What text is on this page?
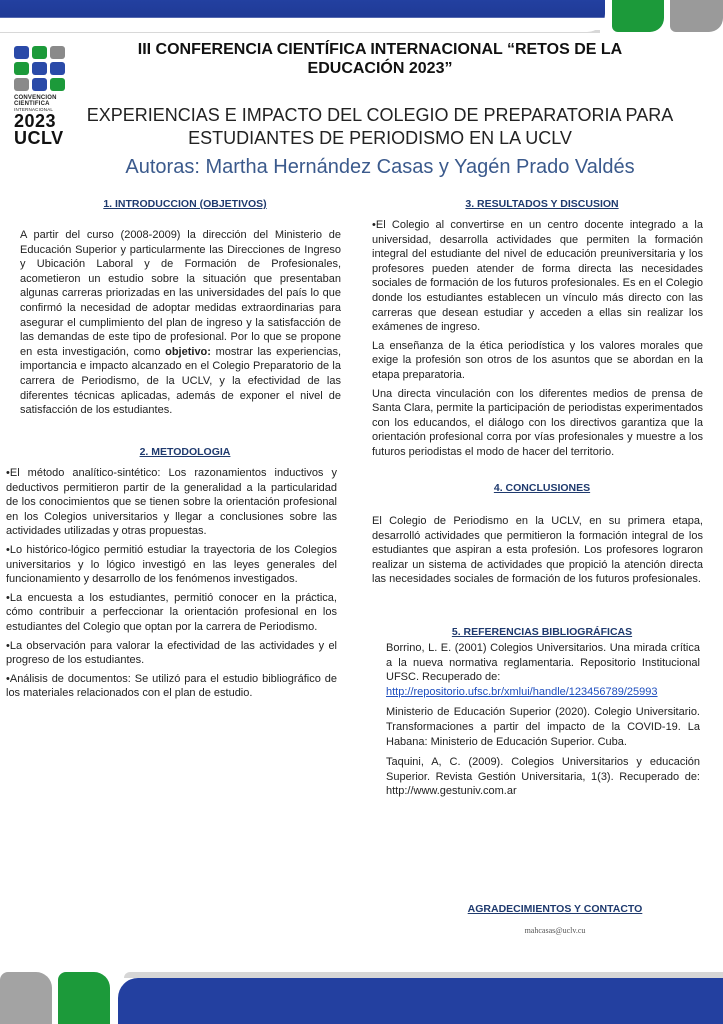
CONVENCION
CIENTIFICA
INTERNACIONAL
2023
UCLV
III CONFERENCIA CIENTÍFICA INTERNACIONAL “RETOS DE LA EDUCACIÓN 2023”
EXPERIENCIAS E IMPACTO DEL COLEGIO DE PREPARATORIA PARA ESTUDIANTES DE PERIODISMO EN LA UCLV
Autoras: Martha Hernández Casas y Yagén Prado Valdés
1. INTRODUCCION (OBJETIVOS)

A partir del curso (2008-2009) la dirección del Ministerio de Educación Superior y particularmente las Direcciones de Ingreso y Ubicación Laboral y de Formación de Profesionales, acometieron un estudio sobre la situación que presentaban algunas carreras priorizadas en las universidades del país lo que confirmó la necesidad de adoptar medidas extraordinarias para asegurar el cumplimiento del plan de ingreso y la satisfacción de las demandas de este tipo de profesional. Por lo que se propone en esta investigación, como objetivo: mostrar las experiencias, importancia e impacto alcanzado en el Colegio Preparatorio de la carrera de Periodismo, de la UCLV, y la efectividad de las diferentes técnicas aplicadas, además de exponer el nivel de satisfacción de los estudiantes.

2. METODOLOGIA

•El método analítico-sintético: Los razonamientos inductivos y deductivos permitieron partir de la generalidad a la particularidad de los conocimientos que se tienen sobre la orientación profesional en los Colegios universitarios y llegar a conclusiones sobre las actividades utilizadas y otras propuestas.

•Lo histórico-lógico permitió estudiar la trayectoria de los Colegios universitarios y lo lógico investigó en las leyes generales del funcionamiento y desarrollo de los fenómenos investigados.

•La encuesta a los estudiantes, permitió conocer en la práctica, cómo contribuir a perfeccionar la orientación profesional en los estudiantes del Colegio que optan por la carrera de Periodismo.

•La observación para valorar la efectividad de las actividades y el progreso de los estudiantes.

•Análisis de documentos: Se utilizó para el estudio bibliográfico de los materiales relacionados con el plan de estudio.

3. RESULTADOS Y DISCUSION

•El Colegio al convertirse en un centro docente integrado a la universidad, desarrolla actividades que permiten la formación integral del estudiante del nivel de educación preuniversitaria y los profesores pueden atender de forma directa las necesidades sociales de formación de los futuros profesionales. Es en el Colegio donde los estudiantes establecen un vínculo más directo con las carreras que desean estudiar y acceden a ellas sin realizar los exámenes de ingreso.

La enseñanza de la ética periodística y los valores morales que exige la profesión son otros de los asuntos que se abordan en la etapa preparatoria.

Una directa vinculación con los diferentes medios de prensa de Santa Clara, permite la participación de periodistas experimentados con los educandos, el diálogo con los directivos garantiza que la orientación profesional corra por vías profesionales y muestre a los futuros periodistas el modo de hacer del territorio.

4. CONCLUSIONES

El Colegio de Periodismo en la UCLV, en su primera etapa, desarrolló actividades que permitieron la formación integral de los estudiantes que aspiran a esta profesión. Los profesores lograron realizar un sistema de actividades que propició la atención directa las necesidades sociales de formación de los futuros profesionales.

5. REFERENCIAS BIBLIOGRÁFICAS

Borrino, L. E. (2001) Colegios Universitarios. Una mirada crítica a la nueva normativa reglamentaria. Repositorio Institucional UFSC. Recuperado de:
http://repositorio.ufsc.br/xmlui/handle/123456789/25993

Ministerio de Educación Superior (2020). Colegio Universitario. Transformaciones a partir del impacto de la COVID-19. La Habana: Ministerio de Educación Superior. Cuba.

Taquini, A, C. (2009). Colegios Universitarios y educación Superior. Revista Gestión Universitaria, 1(3). Recuperado de: http://www.gestuniv.com.ar

AGRADECIMIENTOS Y CONTACTO
mahcasas@uclv.cu
